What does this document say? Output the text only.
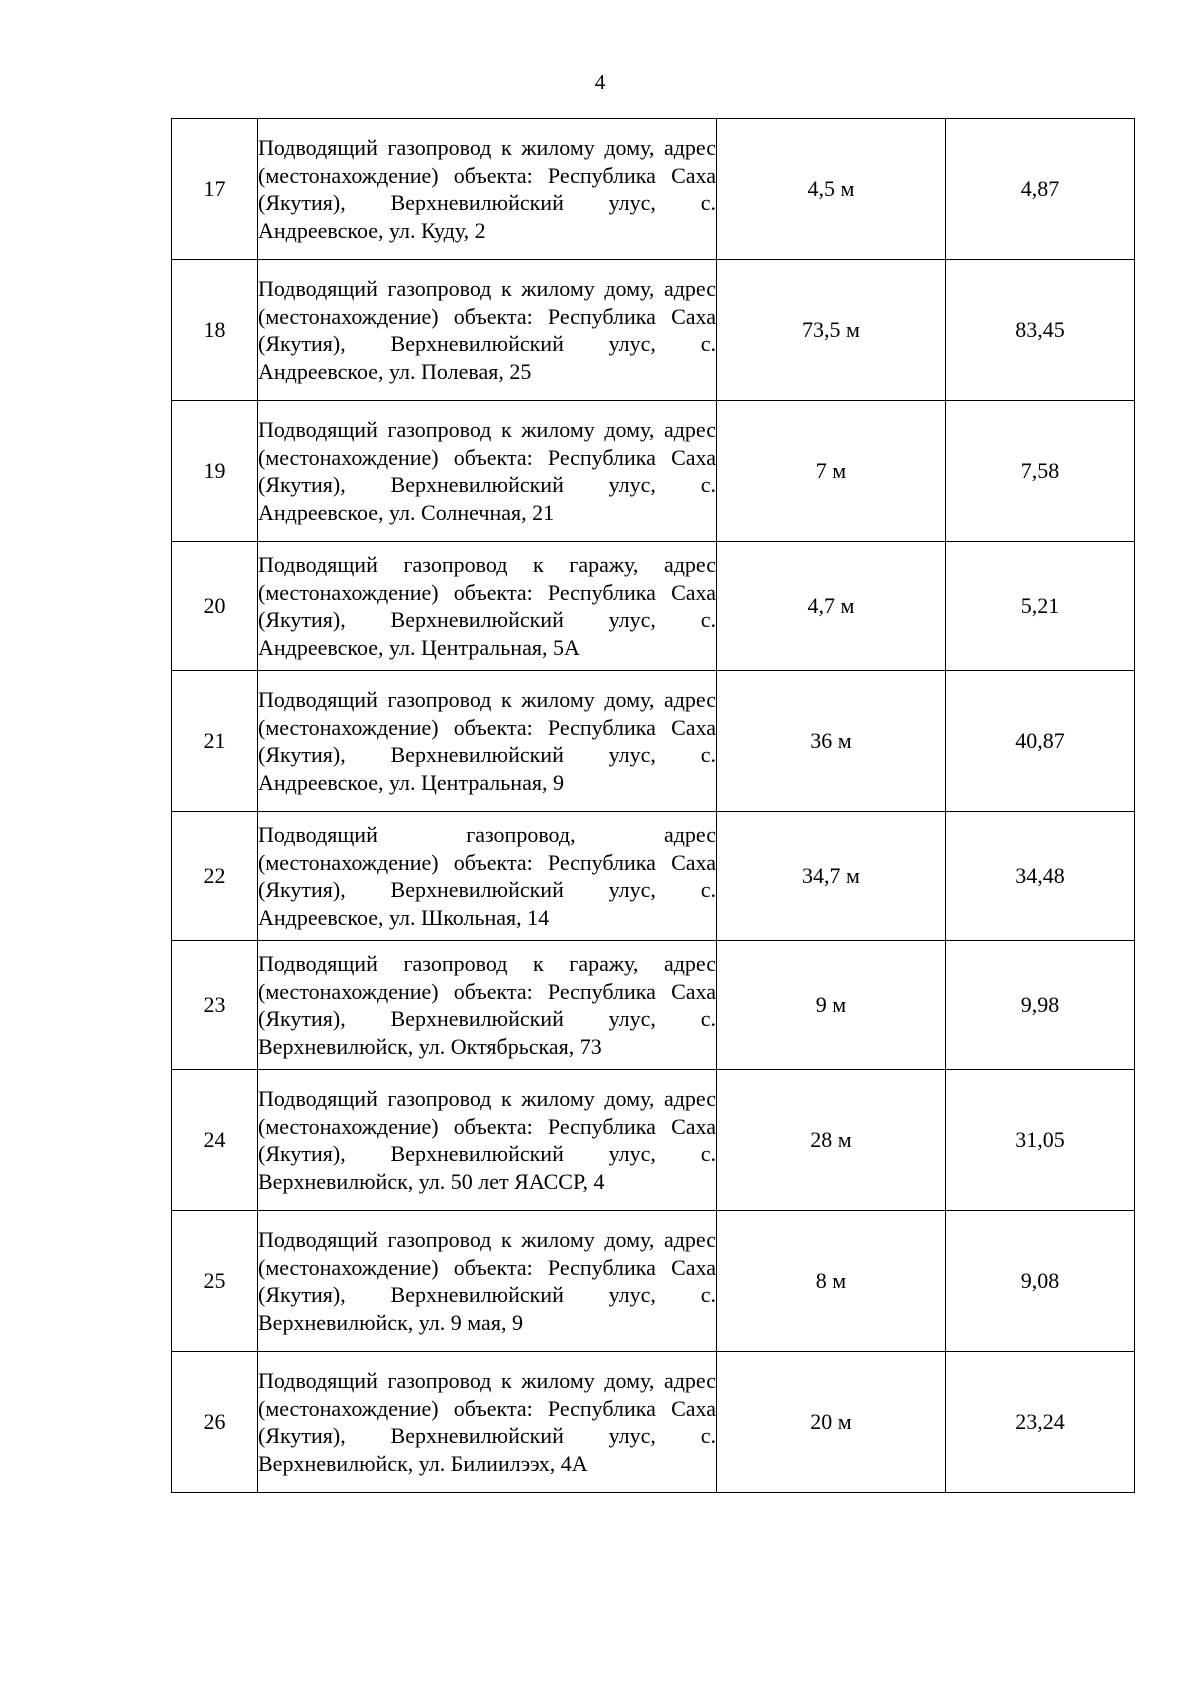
4
17	Подводящий газопровод к жилому дому, адрес (местонахождение) объекта: Республика Саха (Якутия), Верхневилюйский улус, с. Андреевское, ул. Куду, 2	4,5 м	4,87
18	Подводящий газопровод к жилому дому, адрес (местонахождение) объекта: Республика Саха (Якутия), Верхневилюйский улус, с. Андреевское, ул. Полевая, 25	73,5 м	83,45
19	Подводящий газопровод к жилому дому, адрес (местонахождение) объекта: Республика Саха (Якутия), Верхневилюйский улус, с. Андреевское, ул. Солнечная, 21	7 м	7,58
20	Подводящий газопровод к гаражу, адрес (местонахождение) объекта: Республика Саха (Якутия), Верхневилюйский улус, с. Андреевское, ул. Центральная, 5А	4,7 м	5,21
21	Подводящий газопровод к жилому дому, адрес (местонахождение) объекта: Республика Саха (Якутия), Верхневилюйский улус, с. Андреевское, ул. Центральная, 9	36 м	40,87
22	Подводящий газопровод, адрес (местонахождение) объекта: Республика Саха (Якутия), Верхневилюйский улус, с. Андреевское, ул. Школьная, 14	34,7 м	34,48
23	Подводящий газопровод к гаражу, адрес (местонахождение) объекта: Республика Саха (Якутия), Верхневилюйский улус, с. Верхневилюйск, ул. Октябрьская, 73	9 м	9,98
24	Подводящий газопровод к жилому дому, адрес (местонахождение) объекта: Республика Саха (Якутия), Верхневилюйский улус, с. Верхневилюйск, ул. 50 лет ЯАССР, 4	28 м	31,05
25	Подводящий газопровод к жилому дому, адрес (местонахождение) объекта: Республика Саха (Якутия), Верхневилюйский улус, с. Верхневилюйск, ул. 9 мая, 9	8 м	9,08
26	Подводящий газопровод к жилому дому, адрес (местонахождение) объекта: Республика Саха (Якутия), Верхневилюйский улус, с. Верхневилюйск, ул. Билиилээх, 4А	20 м	23,24
